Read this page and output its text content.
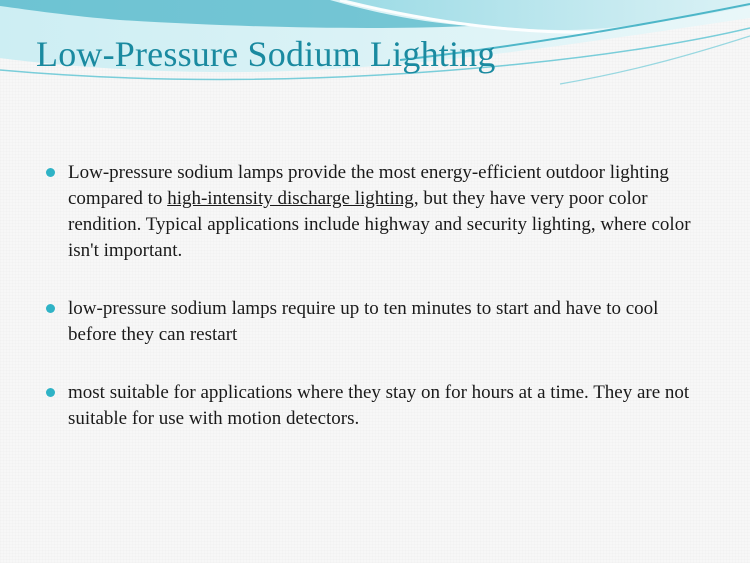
Low-Pressure Sodium Lighting
Low-pressure sodium lamps provide the most energy-efficient outdoor lighting compared to high-intensity discharge lighting, but they have very poor color rendition. Typical applications include highway and security lighting, where color isn't important.
low-pressure sodium lamps require up to ten minutes to start and have to cool before they can restart
most suitable for applications where they stay on for hours at a time. They are not suitable for use with motion detectors.
